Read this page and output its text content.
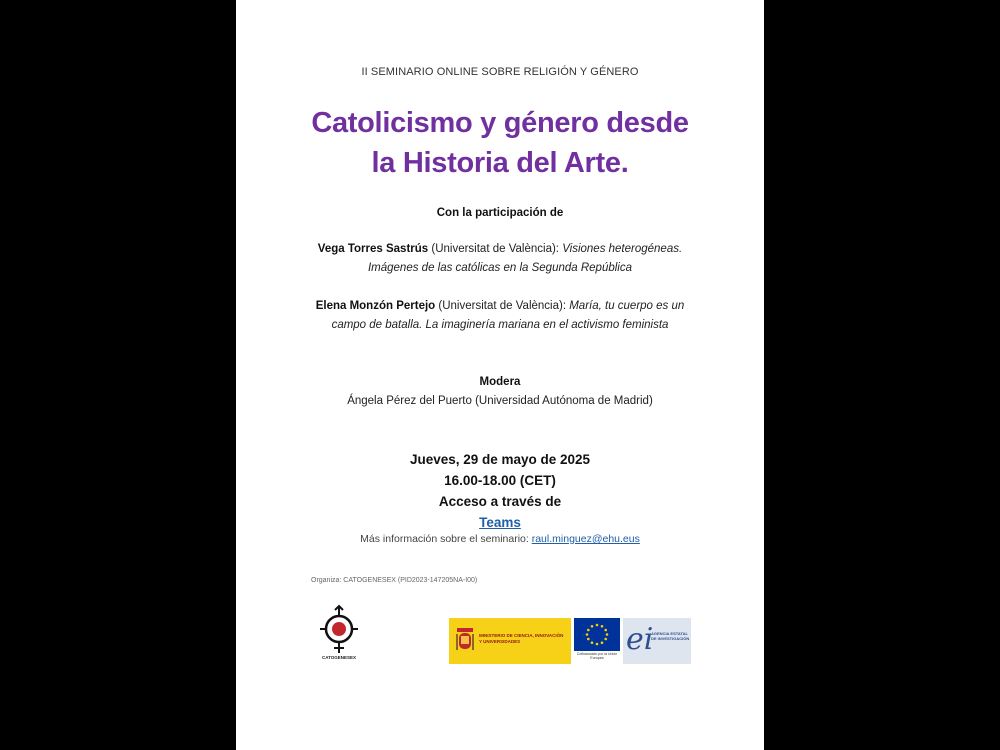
II SEMINARIO ONLINE SOBRE RELIGIÓN Y GÉNERO
Catolicismo y género desde
la Historia del Arte.
Con la participación de
Vega Torres Sastrús (Universitat de València): Visiones heterogéneas. Imágenes de las católicas en la Segunda República
Elena Monzón Pertejo (Universitat de València): María, tu cuerpo es un campo de batalla. La imaginería mariana en el activismo feminista
Modera
Ángela Pérez del Puerto (Universidad Autónoma de Madrid)
Jueves, 29 de mayo de 2025
16.00-18.00 (CET)
Acceso a través de
Teams
Más información sobre el seminario: raul.minguez@ehu.eus
Organiza: CATOGENESEX (PID2023-147205NA-I00)
CATOGENESEX
MINISTERIO DE CIENCIA, INNOVACIÓN Y UNIVERSIDADES
Cofinanciado por la Unión Europea
ei
AGENCIA ESTATAL DE INVESTIGACIÓN
